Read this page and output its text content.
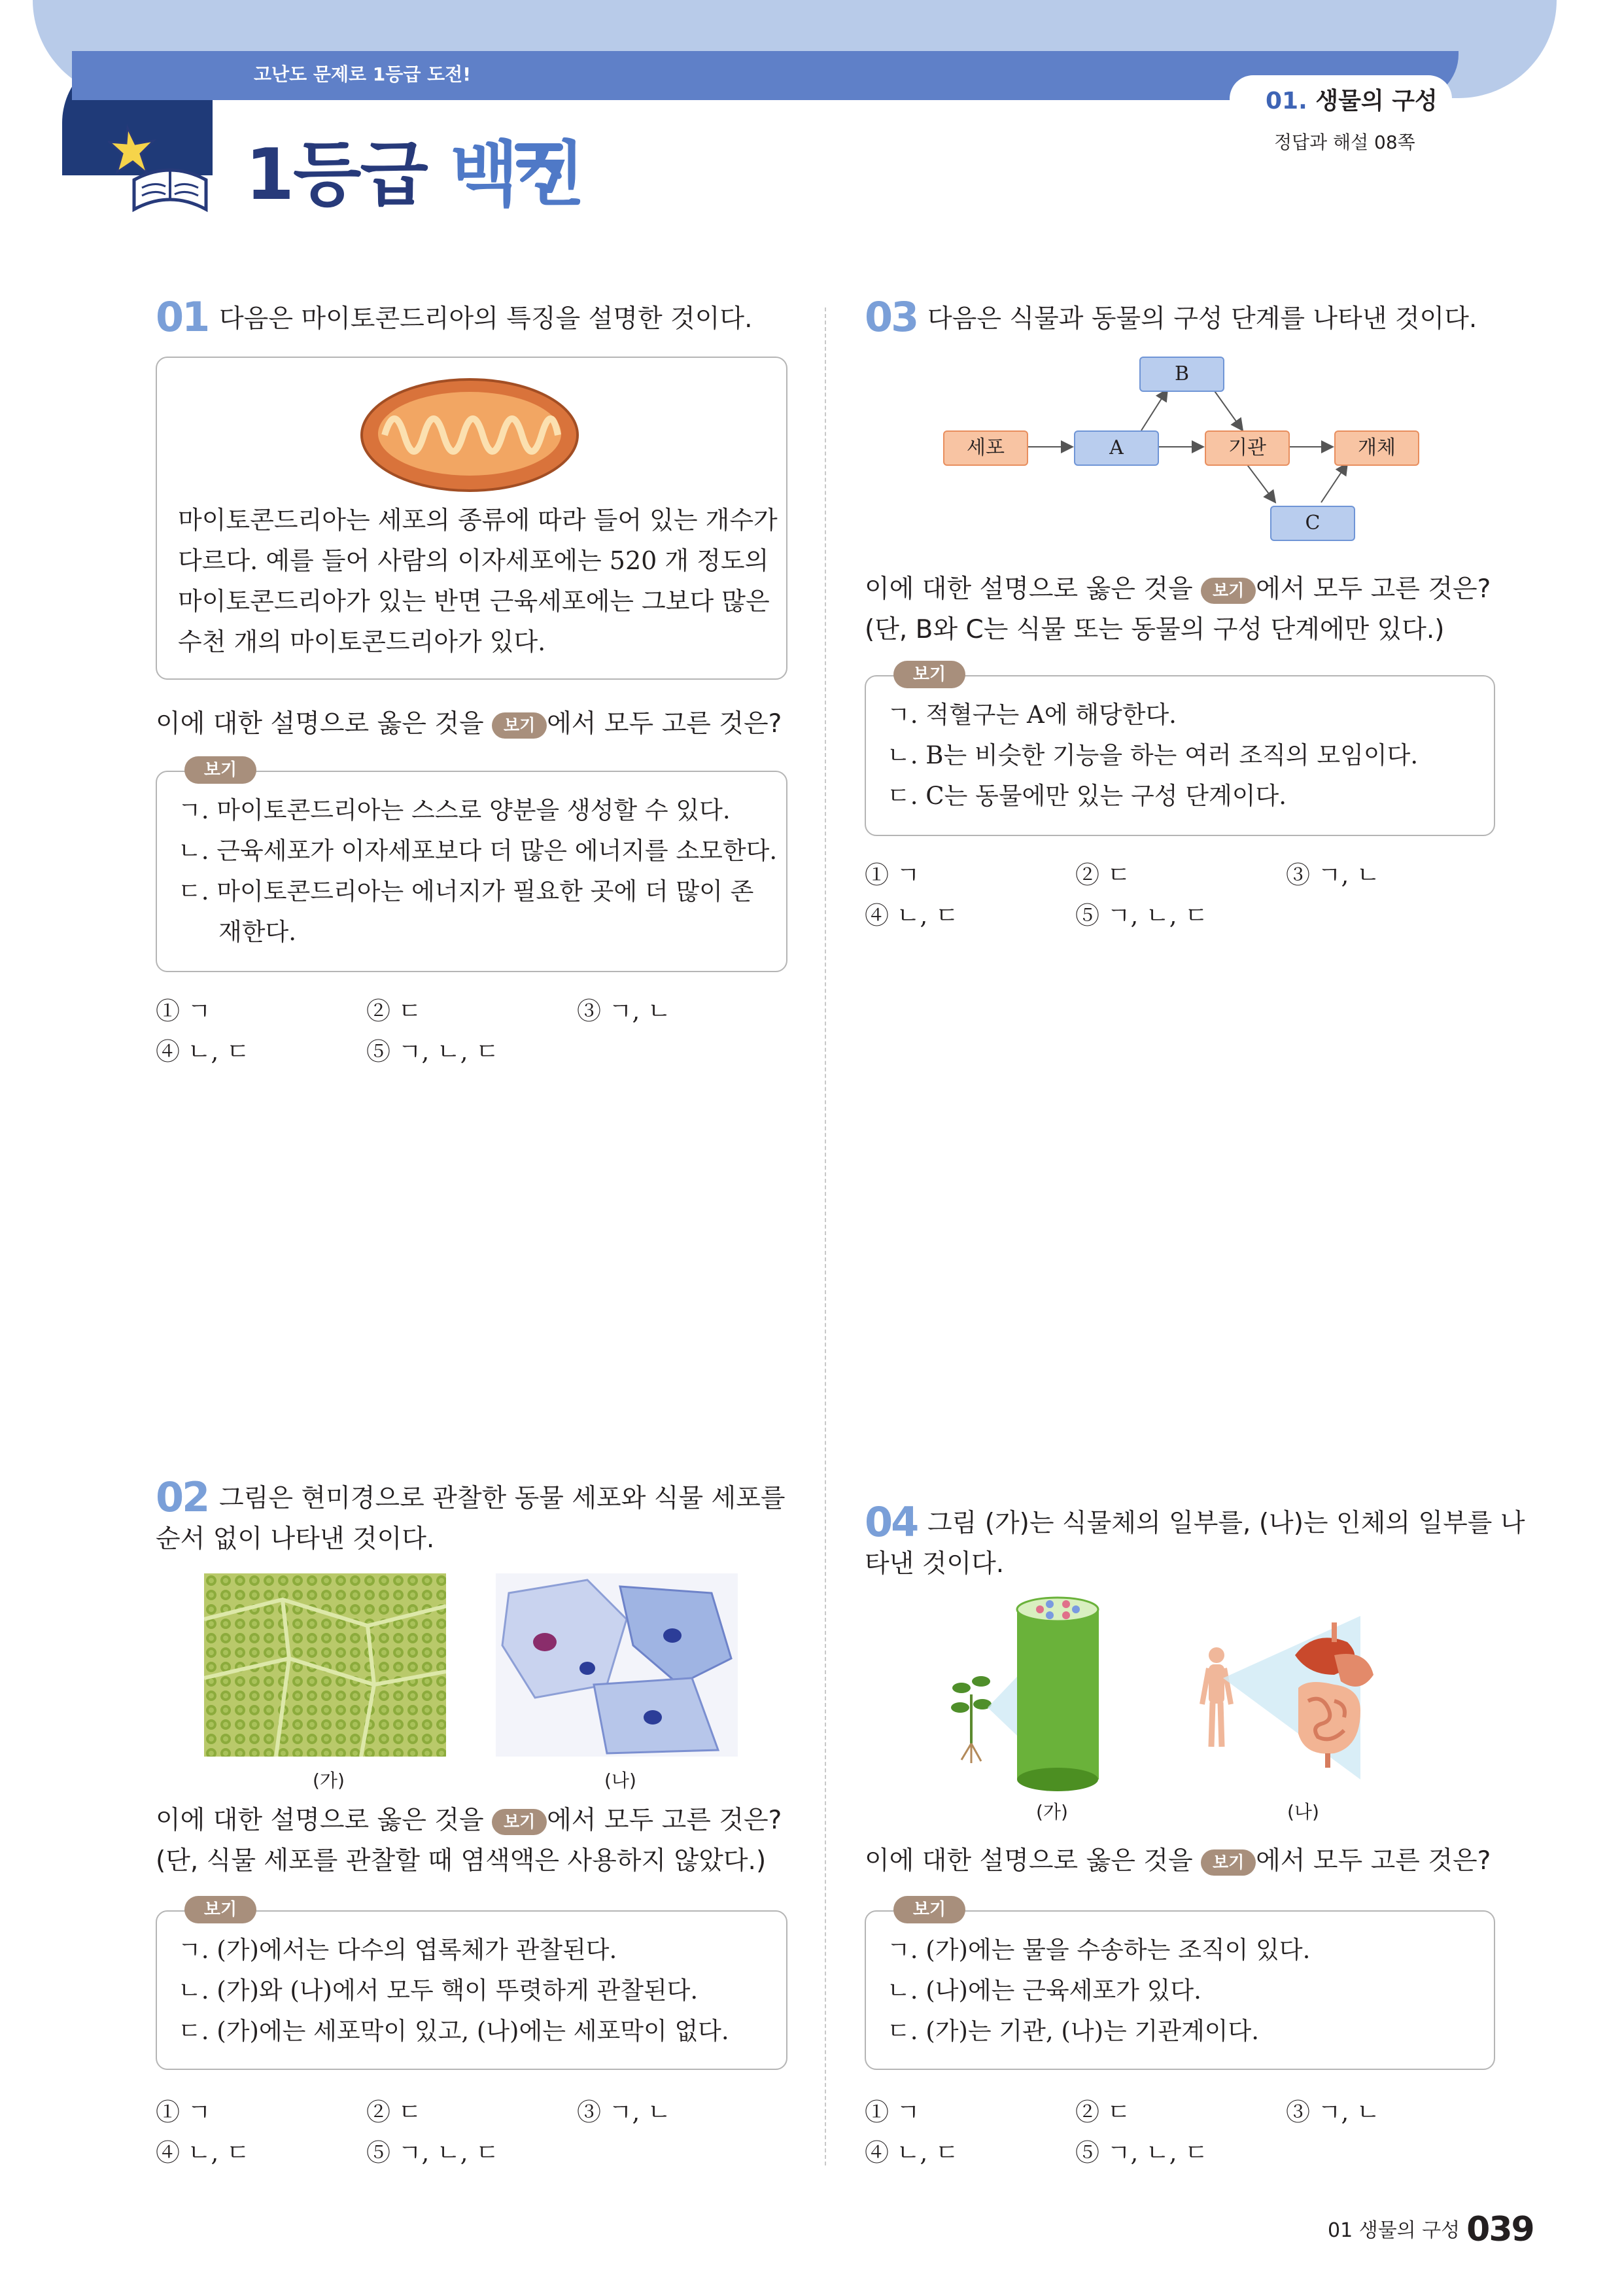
고난도 문제로 1등급 도전!
1등급 백신
01. 생물의 구성
정답과 해설 08쪽
01 다음은 마이토콘드리아의 특징을 설명한 것이다.
마이토콘드리아는 세포의 종류에 따라 들어 있는 개수가
다르다. 예를 들어 사람의 이자세포에는 520 개 정도의
마이토콘드리아가 있는 반면 근육세포에는 그보다 많은
수천 개의 마이토콘드리아가 있다.
이에 대한 설명으로 옳은 것을 보기 에서 모두 고른 것은?
보기
ㄱ. 마이토콘드리아는 스스로 양분을 생성할 수 있다.
ㄴ. 근육세포가 이자세포보다 더 많은 에너지를 소모한다.
ㄷ. 마이토콘드리아는 에너지가 필요한 곳에 더 많이 존
재한다.
① ㄱ	② ㄷ	③ ㄱ, ㄴ
④ ㄴ, ㄷ	⑤ ㄱ, ㄴ, ㄷ
02 그림은 현미경으로 관찰한 동물 세포와 식물 세포를
순서 없이 나타낸 것이다.
(가)	(나)
이에 대한 설명으로 옳은 것을 보기 에서 모두 고른 것은?
(단, 식물 세포를 관찰할 때 염색액은 사용하지 않았다.)
보기
ㄱ. (가)에서는 다수의 엽록체가 관찰된다.
ㄴ. (가)와 (나)에서 모두 핵이 뚜렷하게 관찰된다.
ㄷ. (가)에는 세포막이 있고, (나)에는 세포막이 없다.
① ㄱ	② ㄷ	③ ㄱ, ㄴ
④ ㄴ, ㄷ	⑤ ㄱ, ㄴ, ㄷ
03 다음은 식물과 동물의 구성 단계를 나타낸 것이다.
세포	A
B
기관
C
개체
이에 대한 설명으로 옳은 것을 보기 에서 모두 고른 것은?
(단, B와 C는 식물 또는 동물의 구성 단계에만 있다.)
보기
ㄱ. 적혈구는 A에 해당한다.
ㄴ. B는 비슷한 기능을 하는 여러 조직의 모임이다.
ㄷ. C는 동물에만 있는 구성 단계이다.
① ㄱ	② ㄷ	③ ㄱ, ㄴ
④ ㄴ, ㄷ	⑤ ㄱ, ㄴ, ㄷ
04 그림 (가)는 식물체의 일부를, (나)는 인체의 일부를 나
타낸 것이다.
(가)	(나)
이에 대한 설명으로 옳은 것을 보기 에서 모두 고른 것은?
보기
ㄱ. (가)에는 물을 수송하는 조직이 있다.
ㄴ. (나)에는 근육세포가 있다.
ㄷ. (가)는 기관, (나)는 기관계이다.
① ㄱ	② ㄷ	③ ㄱ, ㄴ
④ ㄴ, ㄷ	⑤ ㄱ, ㄴ, ㄷ
01 생물의 구성 039
